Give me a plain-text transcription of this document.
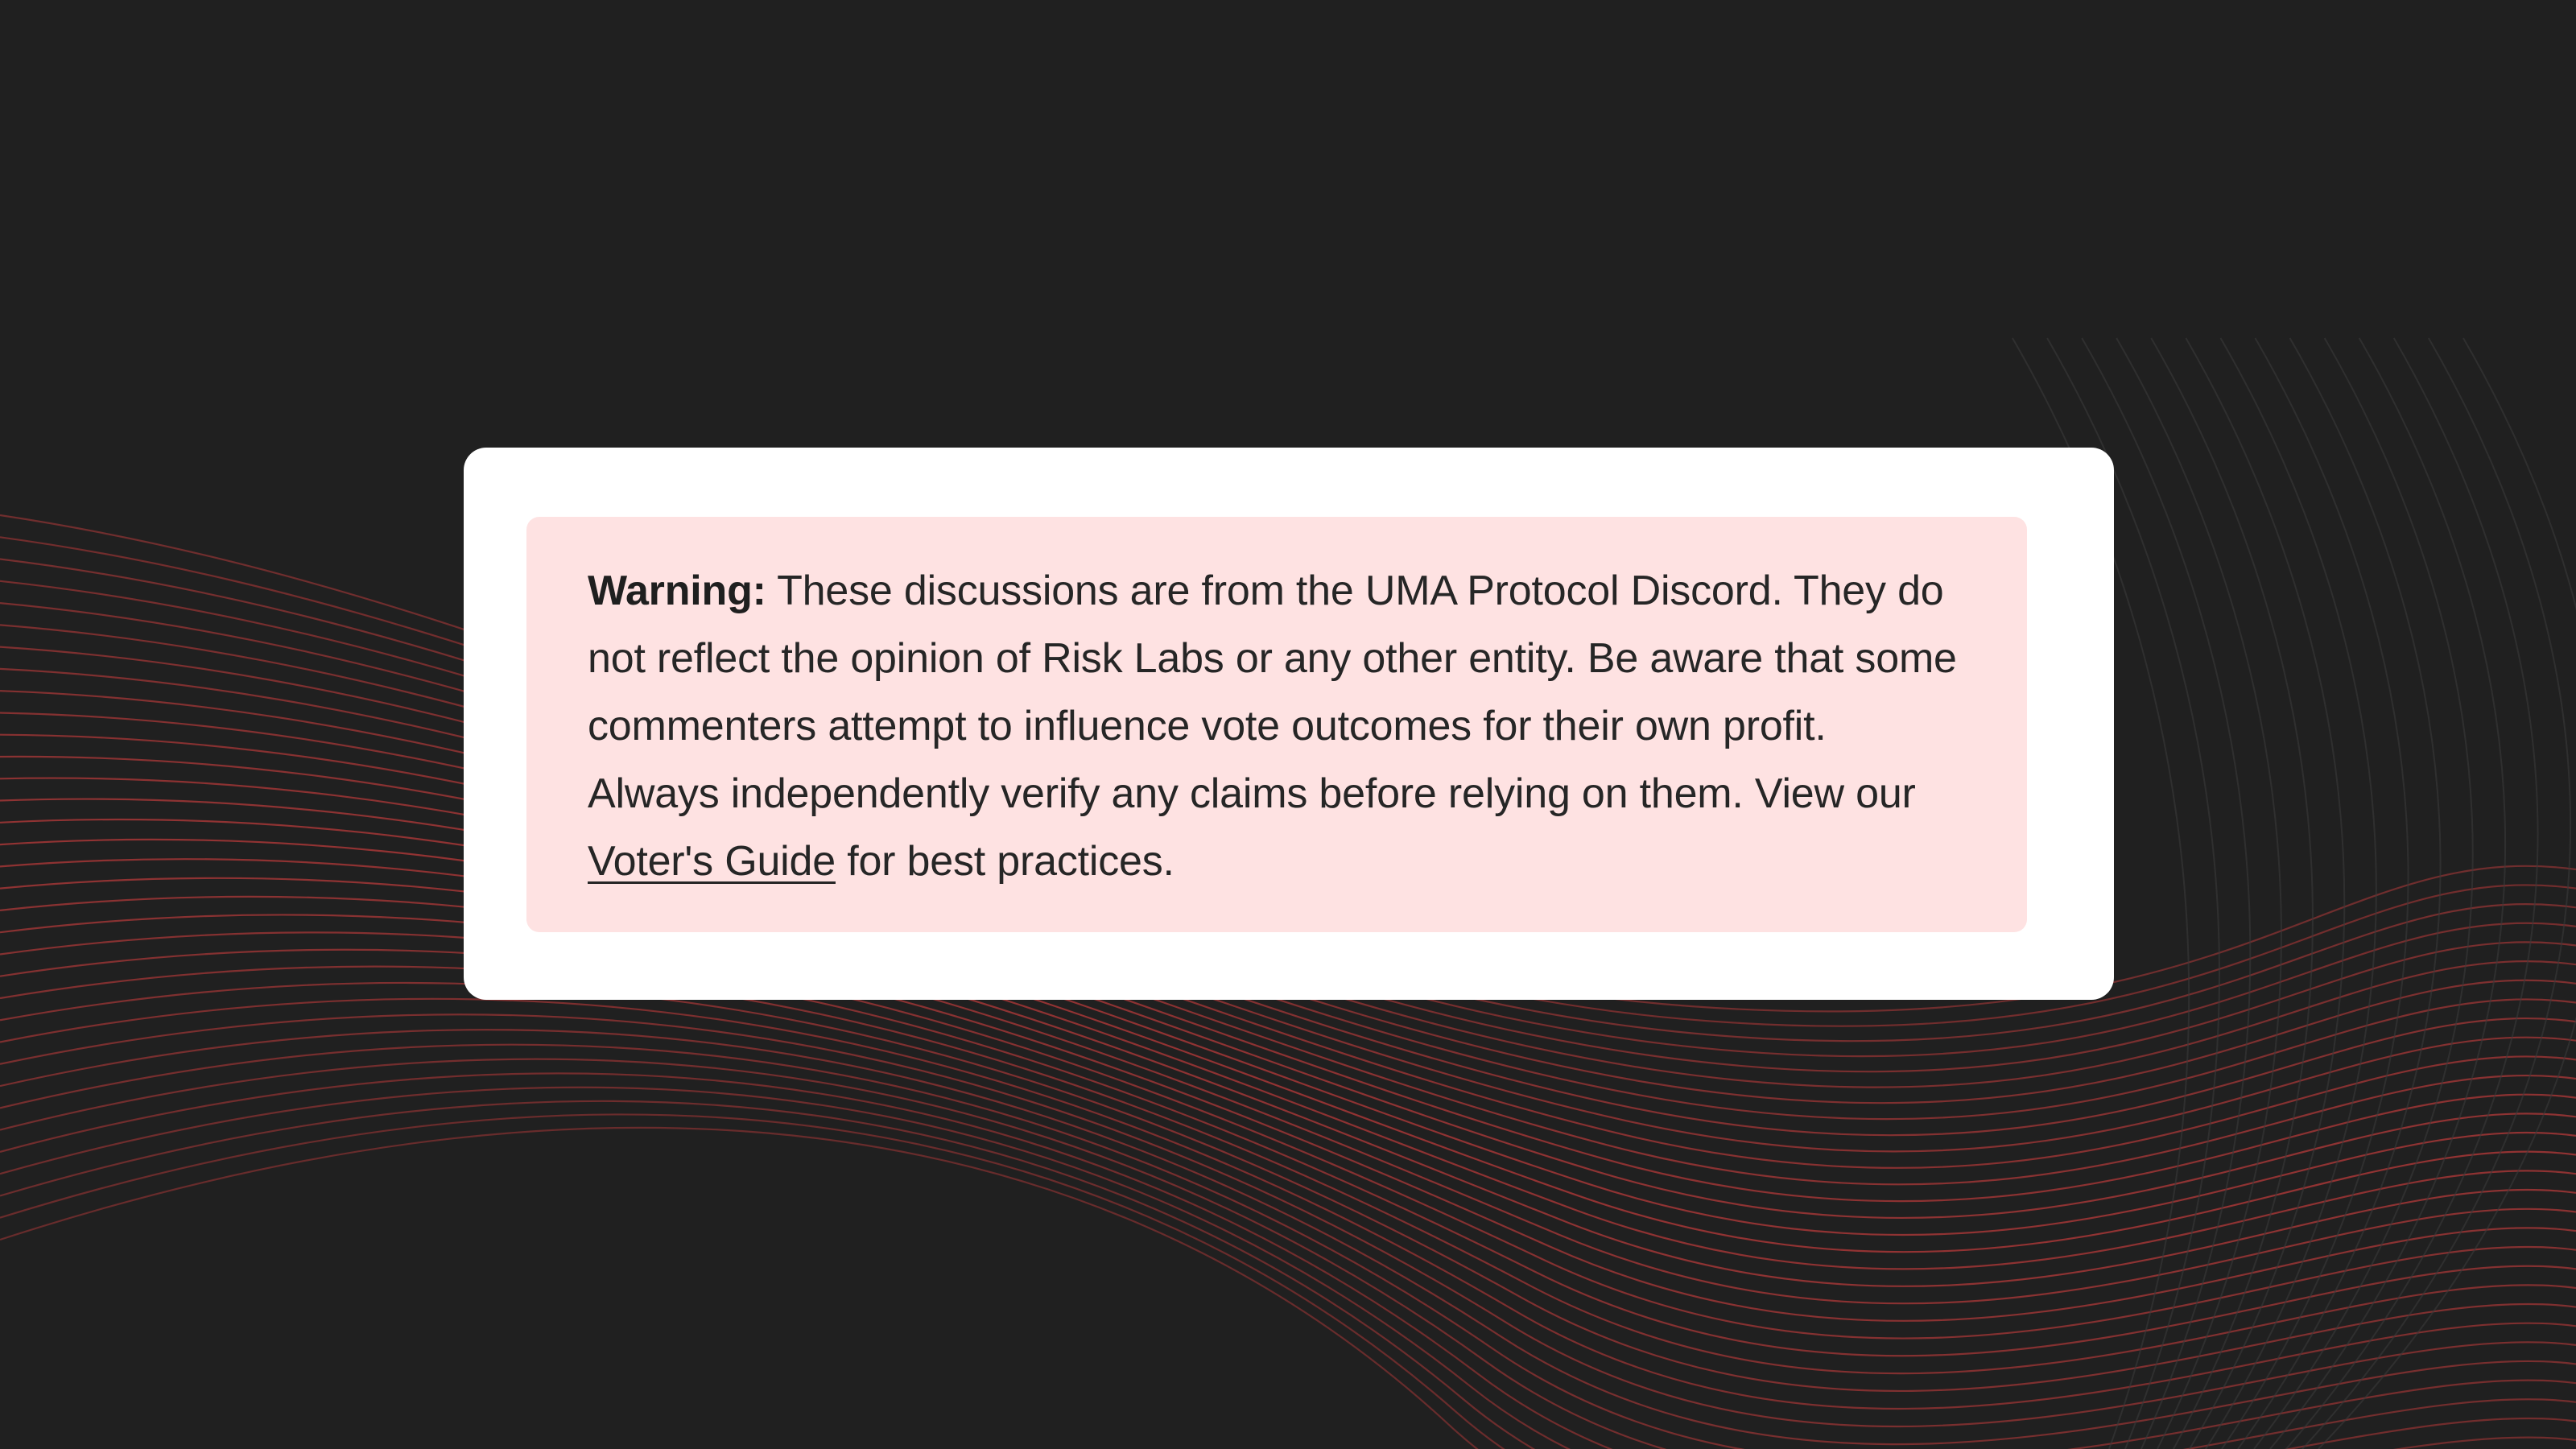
Warning: These discussions are from the UMA Protocol Discord. They do not reflect the opinion of Risk Labs or any other entity. Be aware that some commenters attempt to influence vote outcomes for their own profit. Always independently verify any claims before relying on them. View our Voter's Guide for best practices.
